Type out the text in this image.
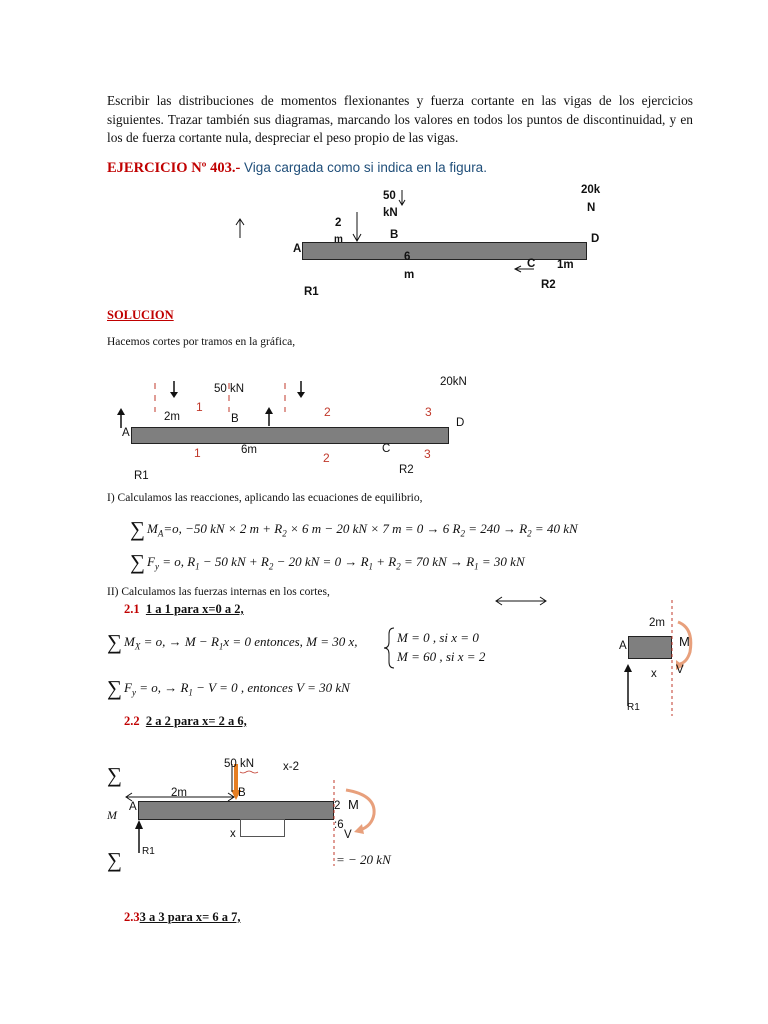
Escribir las distribuciones de momentos flexionantes y fuerza cortante en las vigas de los ejercicios siguientes. Trazar también sus diagramas, marcando los valores en todos los puntos de discontinuidad, y en los de fuerza cortante nula, despreciar el peso propio de las vigas.
EJERCICIO Nº 403.- Viga cargada como si indica en la figura.
50
kN
20k
N
2
m
A
B
C
D
6
m
1m
R1
R2
SOLUCION
Hacemos cortes por tramos en la gráfica,
50 kN
20kN
2m
6m
A
B
C
D
1
1
2
2
3
3
R1	R2
I) Calculamos las reacciones, aplicando las ecuaciones de equilibrio,
∑ $M_A=o$, −50 kN × 2 $m + R_2 \times 6$ m − 20 kN × 7 m = 0 → 6 $R_2 = 240 \to R_2 = 40$ kN
∑ $F_y = o$, $R_1 - 50$ kN + $R_2 - 20$ kN = $0 \to R_1 + R_2 = 70$ kN → $R_1 = 30$ kN
II) Calculamos las fuerzas internas en los cortes,
2.1 1 a 1 para x=0 a 2,
∑ $M_X = o$, → $M - R_1x = 0$ entonces, M = 30 x,	M = 0 , si x = 0
M = 60 , si x = 2
∑ $F_y = o$, → $R_1 - V = 0$ , entonces V = 30 kN
2m
A	M
V
x
R1
2.2 2 a 2 para x= 2 a 6,
∑
M
∑
50 kN	x-2
2m
A
B
M
V
x
R1
2
:6
= − 20 kN
2.33 a 3 para x= 6 a 7,
